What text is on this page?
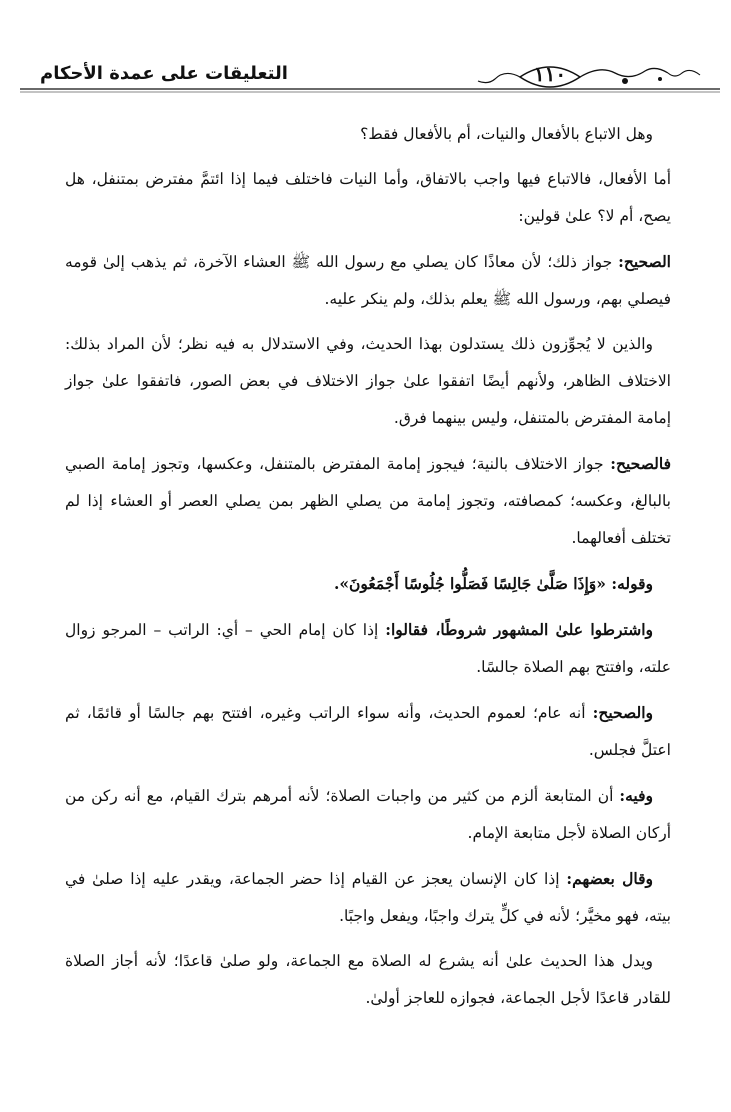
التعليقات على عمدة الأحكام	١١٠

وهل الاتباع بالأفعال والنيات، أم بالأفعال فقط؟

أما الأفعال، فالاتباع فيها واجب بالاتفاق، وأما النيات فاختلف فيما إذا ائتمَّ مفترض بمتنفل، هل يصح، أم لا؟ علىٰ قولين:

الصحيح: جواز ذلك؛ لأن معاذًا كان يصلي مع رسول الله ﷺ العشاء الآخرة، ثم يذهب إلىٰ قومه فيصلي بهم، ورسول الله ﷺ يعلم بذلك، ولم ينكر عليه.

والذين لا يُجوِّزون ذلك يستدلون بهذا الحديث، وفي الاستدلال به فيه نظر؛ لأن المراد بذلك: الاختلاف الظاهر، ولأنهم أيضًا اتفقوا علىٰ جواز الاختلاف في بعض الصور، فاتفقوا علىٰ جواز إمامة المفترض بالمتنفل، وليس بينهما فرق.

فالصحيح: جواز الاختلاف بالنية؛ فيجوز إمامة المفترض بالمتنفل، وعكسها، وتجوز إمامة الصبي بالبالغ، وعكسه؛ كمصافته، وتجوز إمامة من يصلي الظهر بمن يصلي العصر أو العشاء إذا لم تختلف أفعالهما.

وقوله: «وَإِذَا صَلَّىٰ جَالِسًا فَصَلُّوا جُلُوسًا أَجْمَعُونَ».

واشترطوا علىٰ المشهور شروطًا، فقالوا: إذا كان إمام الحي – أي: الراتب – المرجو زوال علته، وافتتح بهم الصلاة جالسًا.

والصحيح: أنه عام؛ لعموم الحديث، وأنه سواء الراتب وغيره، افتتح بهم جالسًا أو قائمًا، ثم اعتلَّ فجلس.

وفيه: أن المتابعة ألزم من كثير من واجبات الصلاة؛ لأنه أمرهم بترك القيام، مع أنه ركن من أركان الصلاة لأجل متابعة الإمام.

وقال بعضهم: إذا كان الإنسان يعجز عن القيام إذا حضر الجماعة، ويقدر عليه إذا صلىٰ في بيته، فهو مخيَّر؛ لأنه في كلٍّ يترك واجبًا، ويفعل واجبًا.

ويدل هذا الحديث علىٰ أنه يشرع له الصلاة مع الجماعة، ولو صلىٰ قاعدًا؛ لأنه أجاز الصلاة للقادر قاعدًا لأجل الجماعة، فجوازه للعاجز أولىٰ.
